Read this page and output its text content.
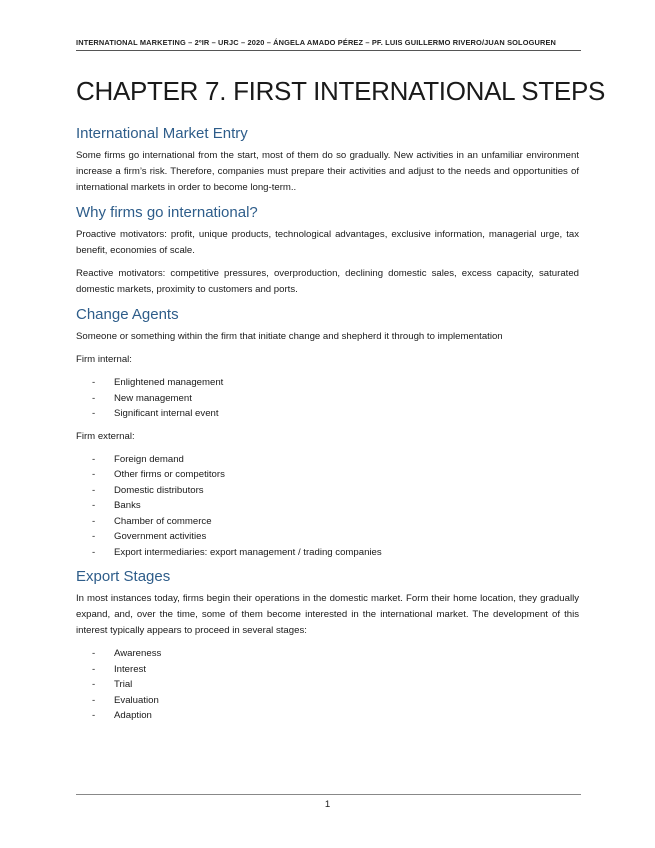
INTERNATIONAL MARKETING – 2ºIR – URJC – 2020 – ÁNGELA AMADO PÉREZ – PF. LUIS GUILLERMO RIVERO/JUAN SOLOGUREN
CHAPTER 7. FIRST INTERNATIONAL STEPS
International Market Entry

Some firms go international from the start, most of them do so gradually. New activities in an unfamiliar environment increase a firm’s risk. Therefore, companies must prepare their activities and adjust to the needs and opportunities of international markets in order to become long-term..

Why firms go international?

Proactive motivators: profit, unique products, technological advantages, exclusive information, managerial urge, tax benefit, economies of scale.

Reactive motivators: competitive pressures, overproduction, declining domestic sales, excess capacity, saturated domestic markets, proximity to customers and ports.

Change Agents

Someone or something within the firm that initiate change and shepherd it through to implementation

Firm internal:

- Enlightened management
- New management
- Significant internal event

Firm external:

- Foreign demand
- Other firms or competitors
- Domestic distributors
- Banks
- Chamber of commerce
- Government activities
- Export intermediaries: export management / trading companies
Export Stages

In most instances today, firms begin their operations in the domestic market. Form their home location, they gradually expand, and, over the time, some of them become interested in the international market. The development of this interest typically appears to proceed in several stages:

- Awareness
- Interest
- Trial
- Evaluation
- Adaption
1
